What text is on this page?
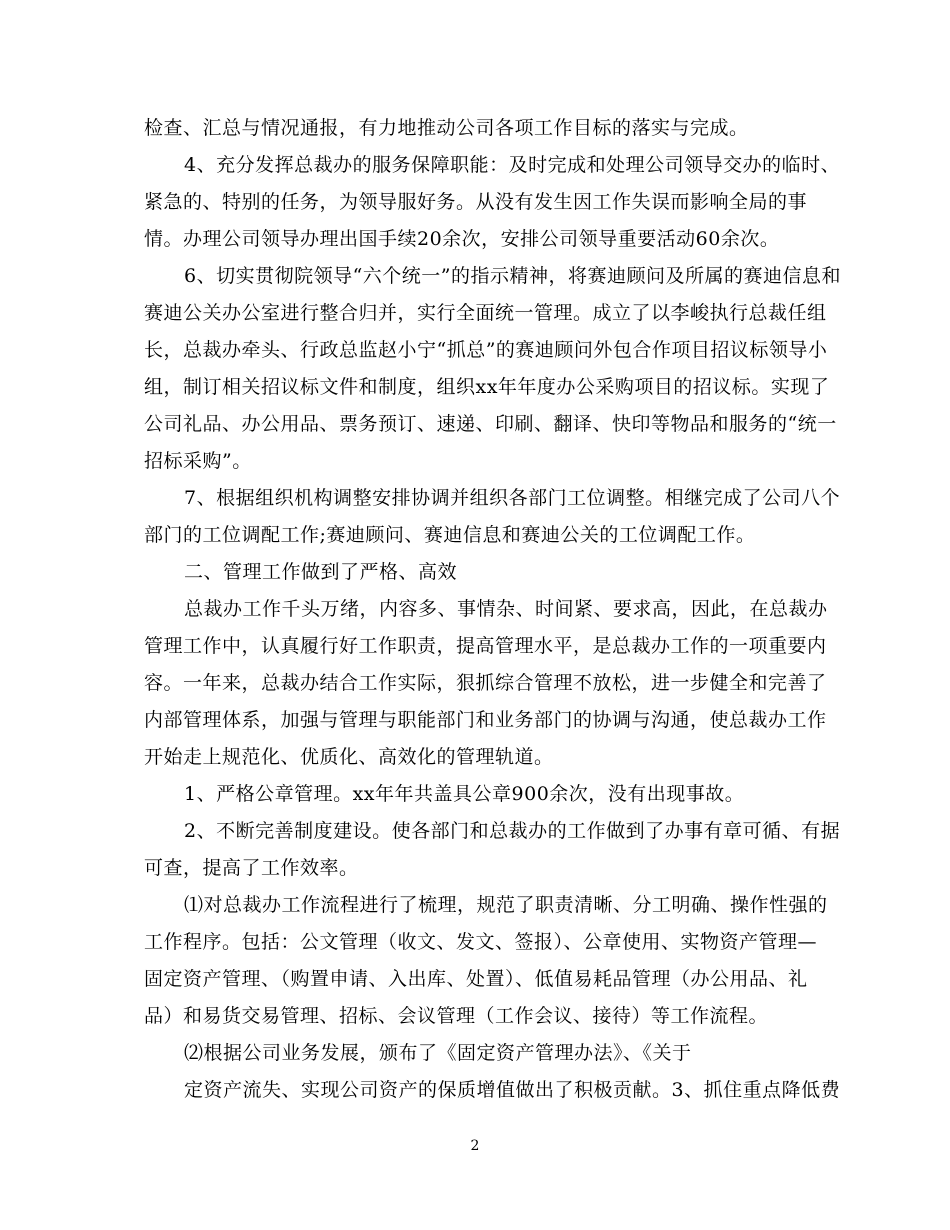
检查、汇总与情况通报，有力地推动公司各项工作目标的落实与完成。
4、充分发挥总裁办的服务保障职能：及时完成和处理公司领导交办的临时、
紧急的、特别的任务，为领导服好务。从没有发生因工作失误而影响全局的事
情。办理公司领导办理出国手续20余次，安排公司领导重要活动60余次。
6、切实贯彻院领导“六个统一”的指示精神，将赛迪顾问及所属的赛迪信息和
赛迪公关办公室进行整合归并，实行全面统一管理。成立了以李峻执行总裁任组
长，总裁办牵头、行政总监赵小宁“抓总”的赛迪顾问外包合作项目招议标领导小
组，制订相关招议标文件和制度，组织xx年年度办公采购项目的招议标。实现了
公司礼品、办公用品、票务预订、速递、印刷、翻译、快印等物品和服务的“统一
招标采购”。
7、根据组织机构调整安排协调并组织各部门工位调整。相继完成了公司八个
部门的工位调配工作;赛迪顾问、赛迪信息和赛迪公关的工位调配工作。
二、管理工作做到了严格、高效
总裁办工作千头万绪，内容多、事情杂、时间紧、要求高，因此，在总裁办
管理工作中，认真履行好工作职责，提高管理水平，是总裁办工作的一项重要内
容。一年来，总裁办结合工作实际，狠抓综合管理不放松，进一步健全和完善了
内部管理体系，加强与管理与职能部门和业务部门的协调与沟通，使总裁办工作
开始走上规范化、优质化、高效化的管理轨道。
1、严格公章管理。xx年年共盖具公章900余次，没有出现事故。
2、不断完善制度建设。使各部门和总裁办的工作做到了办事有章可循、有据
可查，提高了工作效率。
⑴对总裁办工作流程进行了梳理，规范了职责清晰、分工明确、操作性强的
工作程序。包括：公文管理（收文、发文、签报）、公章使用、实物资产管理—
固定资产管理、（购置申请、入出库、处置）、低值易耗品管理（办公用品、礼
品）和易货交易管理、招标、会议管理（工作会议、接待）等工作流程。
⑵根据公司业务发展，颁布了《固定资产管理办法》、《关于
定资产流失、实现公司资产的保质增值做出了积极贡献。3、抓住重点降低费
2
